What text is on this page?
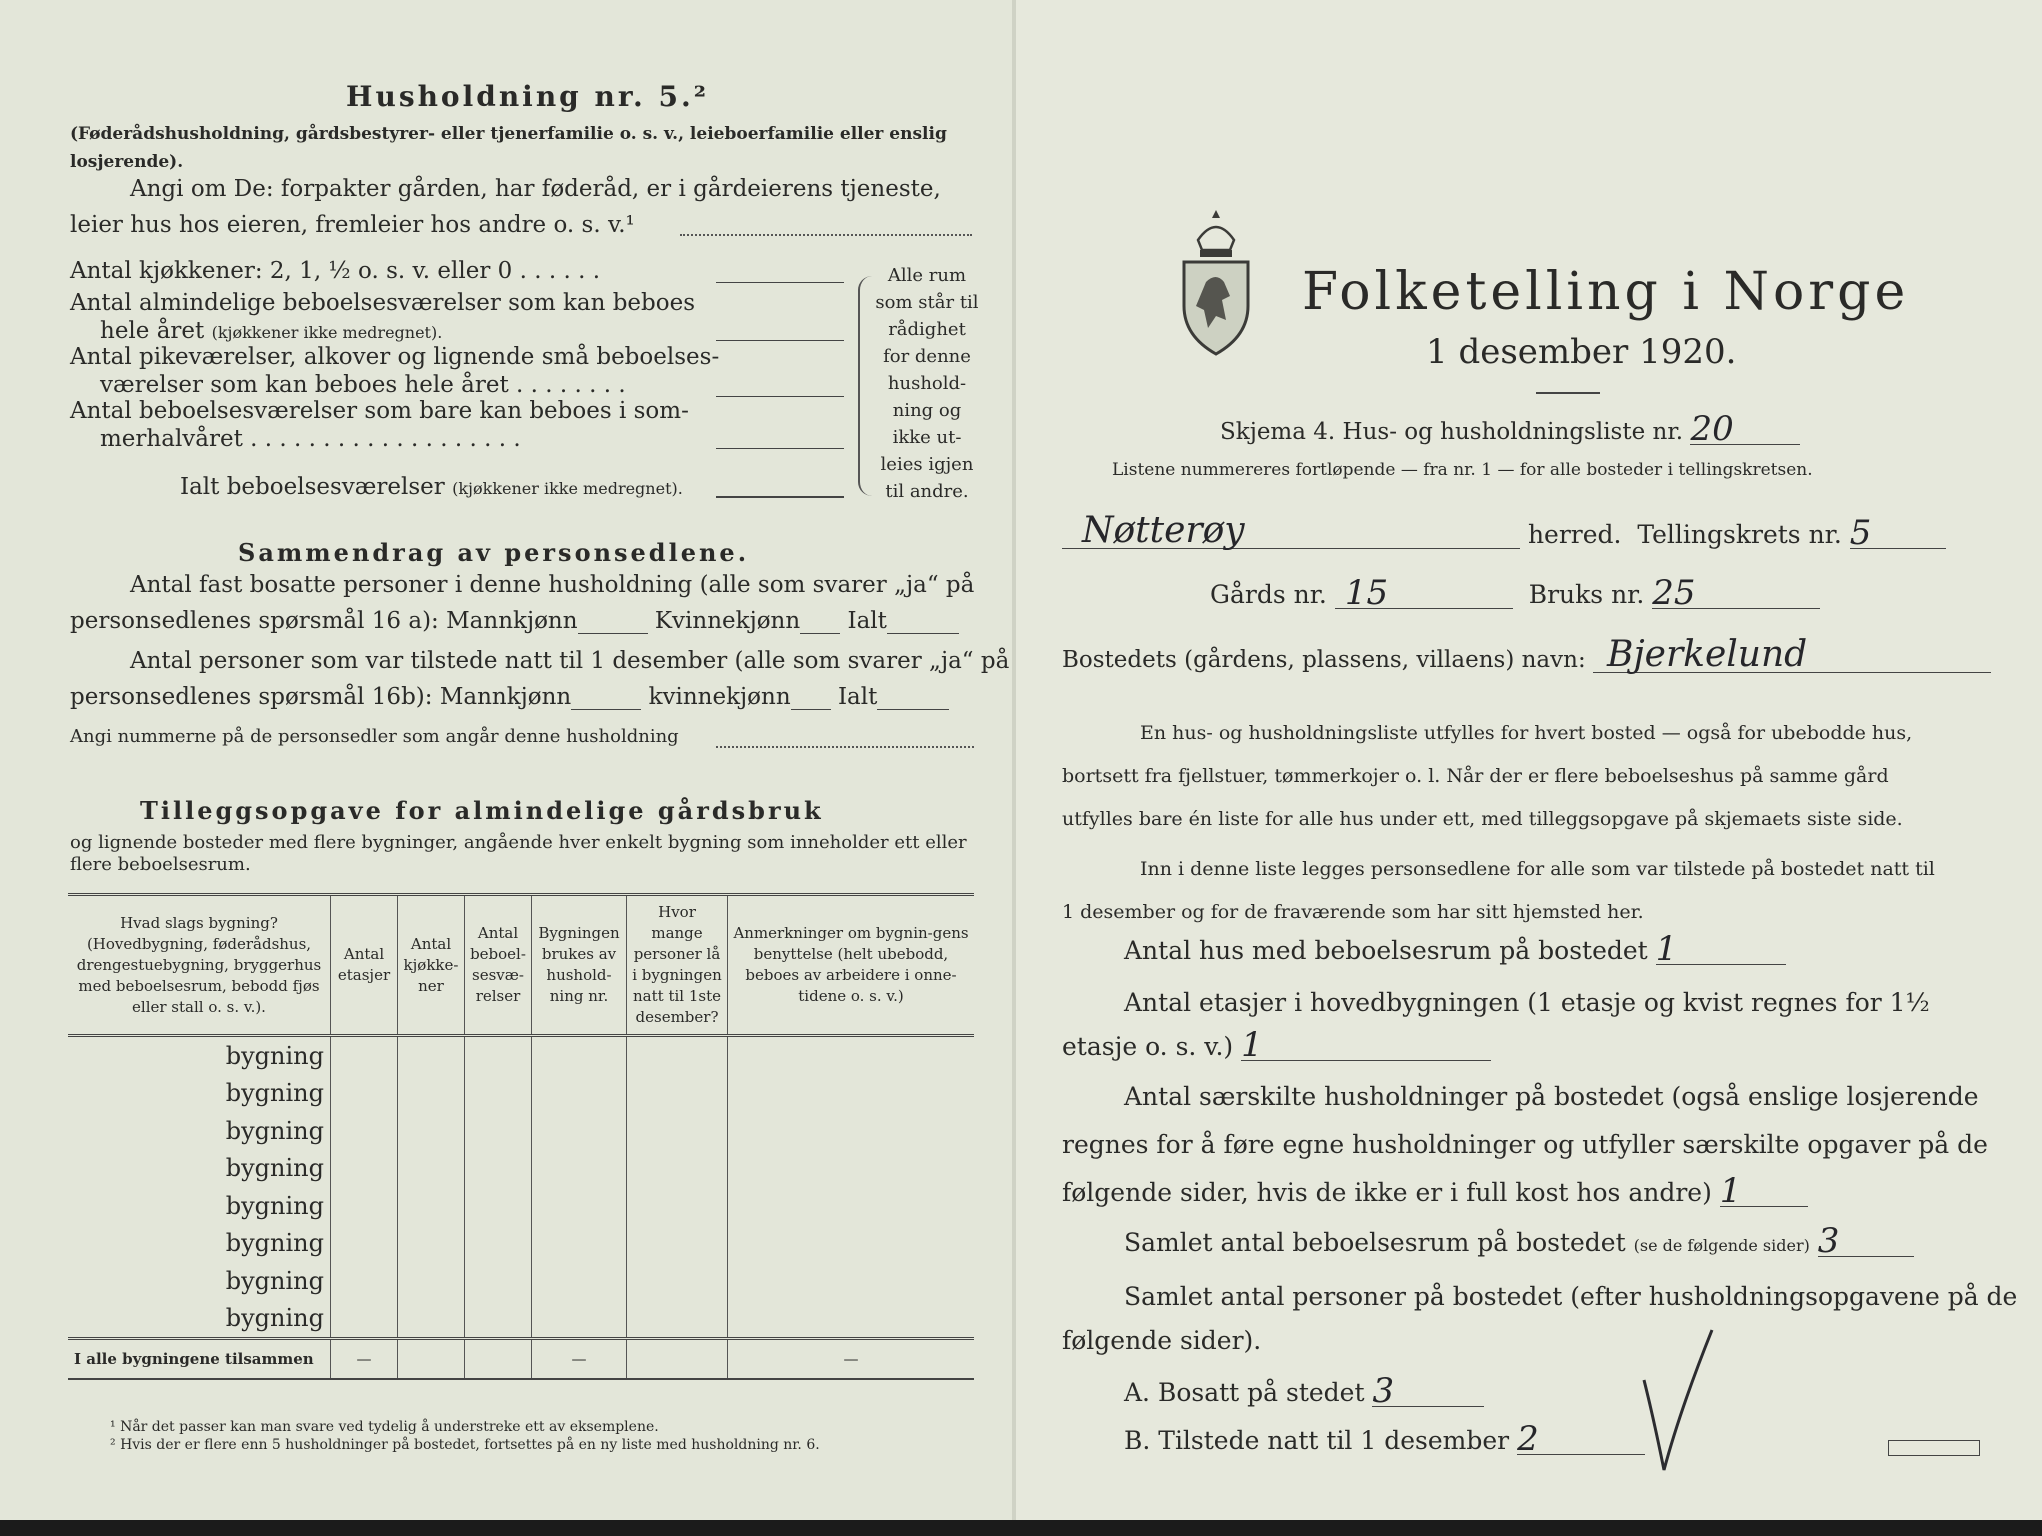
Husholdning nr. 5.²
(Føderådshusholdning, gårdsbestyrer- eller tjenerfamilie o. s. v., leieboerfamilie eller enslig losjerende).
Angi om De: forpakter gården, har føderåd, er i gårdeierens tjeneste,
leier hus hos eieren, fremleier hos andre o. s. v.¹
Antal kjøkkener: 2, 1, ½ o. s. v. eller 0 . . . . . .
Antal almindelige beboelsesværelser som kan beboes
hele året (kjøkkener ikke medregnet).
Antal pikeværelser, alkover og lignende små beboelses-
værelser som kan beboes hele året . . . . . . . .
Antal beboelsesværelser som bare kan beboes i som-
merhalvåret . . . . . . . . . . . . . . . . . . .
Ialt beboelsesværelser (kjøkkener ikke medregnet).
Alle rum
som står til
rådighet
for denne
hushold-
ning og
ikke ut-
leies igjen
til andre.
Sammendrag av personsedlene.
Antal fast bosatte personer i denne husholdning (alle som svarer „ja“ på
personsedlenes spørsmål 16 a): Mannkjønn	Kvinnekjønn Ialt
Antal personer som var tilstede natt til 1 desember (alle som svarer „ja“ på
personsedlenes spørsmål 16b): Mannkjønn	kvinnekjønn Ialt
Angi nummerne på de personsedler som angår denne husholdning
Tilleggsopgave for almindelige gårdsbruk
og lignende bosteder med flere bygninger, angående hver enkelt bygning som inneholder ett eller flere beboelsesrum.
Hvad slags bygning? (Hovedbygning, føderådshus, drengestuebygning, bryggerhus med beboelsesrum, bebodd fjøs eller stall o. s. v.).	Antal etasjer	Antal kjøkke-ner	Antal beboel-sesvæ-relser	Bygningen brukes av hushold-ning nr.	Hvor mange personer lå i bygningen natt til 1ste desember?	Anmerkninger om bygnin-gens benyttelse (helt ubebodd, beboes av arbeidere i onne-tidene o. s. v.)
bygning						
bygning						
bygning						
bygning						
bygning						
bygning						
bygning						
bygning						
I alle bygningene tilsammen	—			—		—
¹ Når det passer kan man svare ved tydelig å understreke ett av eksemplene.
² Hvis der er flere enn 5 husholdninger på bostedet, fortsettes på en ny liste med husholdning nr. 6.
Folketelling i Norge
1 desember 1920.
Skjema 4. Hus- og husholdningsliste nr. 20
Listene nummereres fortløpende — fra nr. 1 — for alle bosteder i tellingskretsen.
Nøtterøy	herred. Tellingskrets nr. 5
Gårds nr. 15	Bruks nr. 25
Bostedets (gårdens, plassens, villaens) navn: Bjerkelund
En hus- og husholdningsliste utfylles for hvert bosted — også for ubebodde hus,
bortsett fra fjellstuer, tømmerkojer o. l. Når der er flere beboelseshus på samme gård
utfylles bare én liste for alle hus under ett, med tilleggsopgave på skjemaets siste side.
Inn i denne liste legges personsedlene for alle som var tilstede på bostedet natt til
1 desember og for de fraværende som har sitt hjemsted her.
Antal hus med beboelsesrum på bostedet 1
Antal etasjer i hovedbygningen (1 etasje og kvist regnes for 1½
etasje o. s. v.) 1
Antal særskilte husholdninger på bostedet (også enslige losjerende
regnes for å føre egne husholdninger og utfyller særskilte opgaver på de
følgende sider, hvis de ikke er i full kost hos andre) 1
Samlet antal beboelsesrum på bostedet (se de følgende sider) 3
Samlet antal personer på bostedet (efter husholdningsopgavene på de
følgende sider).
A. Bosatt på stedet 3
B. Tilstede natt til 1 desember 2
